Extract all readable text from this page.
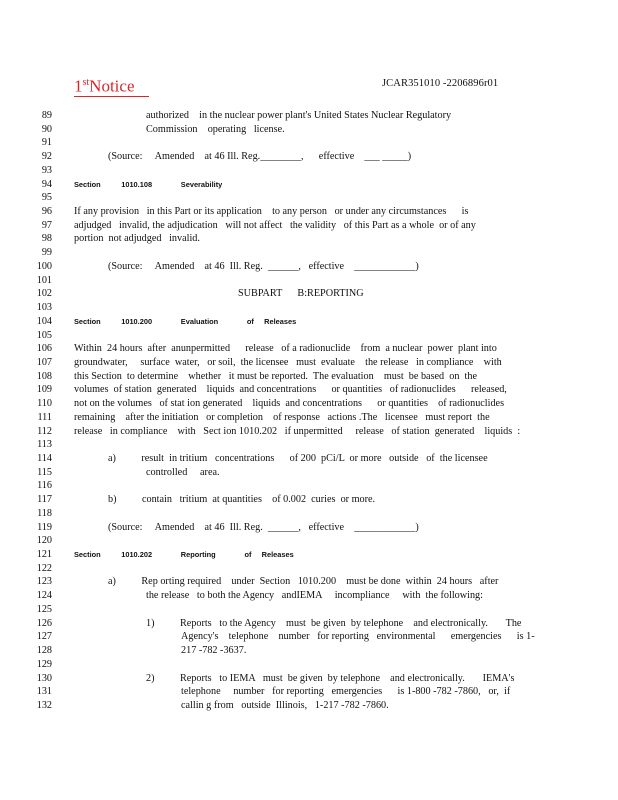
1stNotice	JCAR351010 -2206896r01
89	authorized    in the nuclear power plant's United States Nuclear Regulatory
90	Commission    operating   license.
91
92	(Source:     Amended    at 46 Ill. Reg.________,      effective    ___ _____)
93
94	Section          1010.108              Severability
95
96 If any provision   in this Part or its application    to any person   or under any circumstances      is
97 adjudged   invalid, the adjudication   will not affect   the validity   of this Part as a whole  or of any
98 portion  not adjudged   invalid.
99
100	(Source:     Amended    at 46  Ill. Reg.  ______,   effective    ____________)
101
102	SUBPART      B:REPORTING
103
104	Section          1010.200              Evaluation              of     Releases
105
106 Within  24 hours  after  anunpermitted      release   of a radionuclide    from  a nuclear  power  plant into
107 groundwater,     surface  water,   or soil,  the licensee   must  evaluate    the release   in compliance    with
108 this Section  to determine    whether   it must be reported.  The evaluation    must  be based  on  the
109 volumes  of station  generated    liquids  and concentrations      or quantities   of radionuclides      released,
110 not on the volumes   of stat ion generated    liquids  and concentrations      or quantities    of radionuclides
111 remaining    after the initiation   or completion    of response   actions .The   licensee   must report  the
112 release   in compliance    with   Sect ion 1010.202   if unpermitted     release   of station  generated    liquids  :
113
114	a)          result  in tritium   concentrations      of 200  pCi/L  or more   outside   of  the licensee
115	controlled     area.
116
117	b)          contain   tritium  at quantities    of 0.002  curies  or more.
118
119	(Source:     Amended    at 46  Ill. Reg.  ______,   effective    ____________)
120
121	Section          1010.202              Reporting              of     Releases
122
123	a)          Rep orting required    under  Section   1010.200    must be done  within  24 hours   after
124	the release   to both the Agency   andIEMA     incompliance     with  the following:
125
126	1)          Reports   to the Agency    must  be given  by telephone    and electronically.       The
127	Agency's    telephone    number   for reporting   environmental      emergencies      is 1-
128	217 -782 -3637.
129
130	2)          Reports   to IEMA   must  be given  by telephone    and electronically.       IEMA's
131	telephone     number   for reporting   emergencies      is 1-800 -782 -7860,   or,  if
132	callin g from   outside  Illinois,   1-217 -782 -7860.
